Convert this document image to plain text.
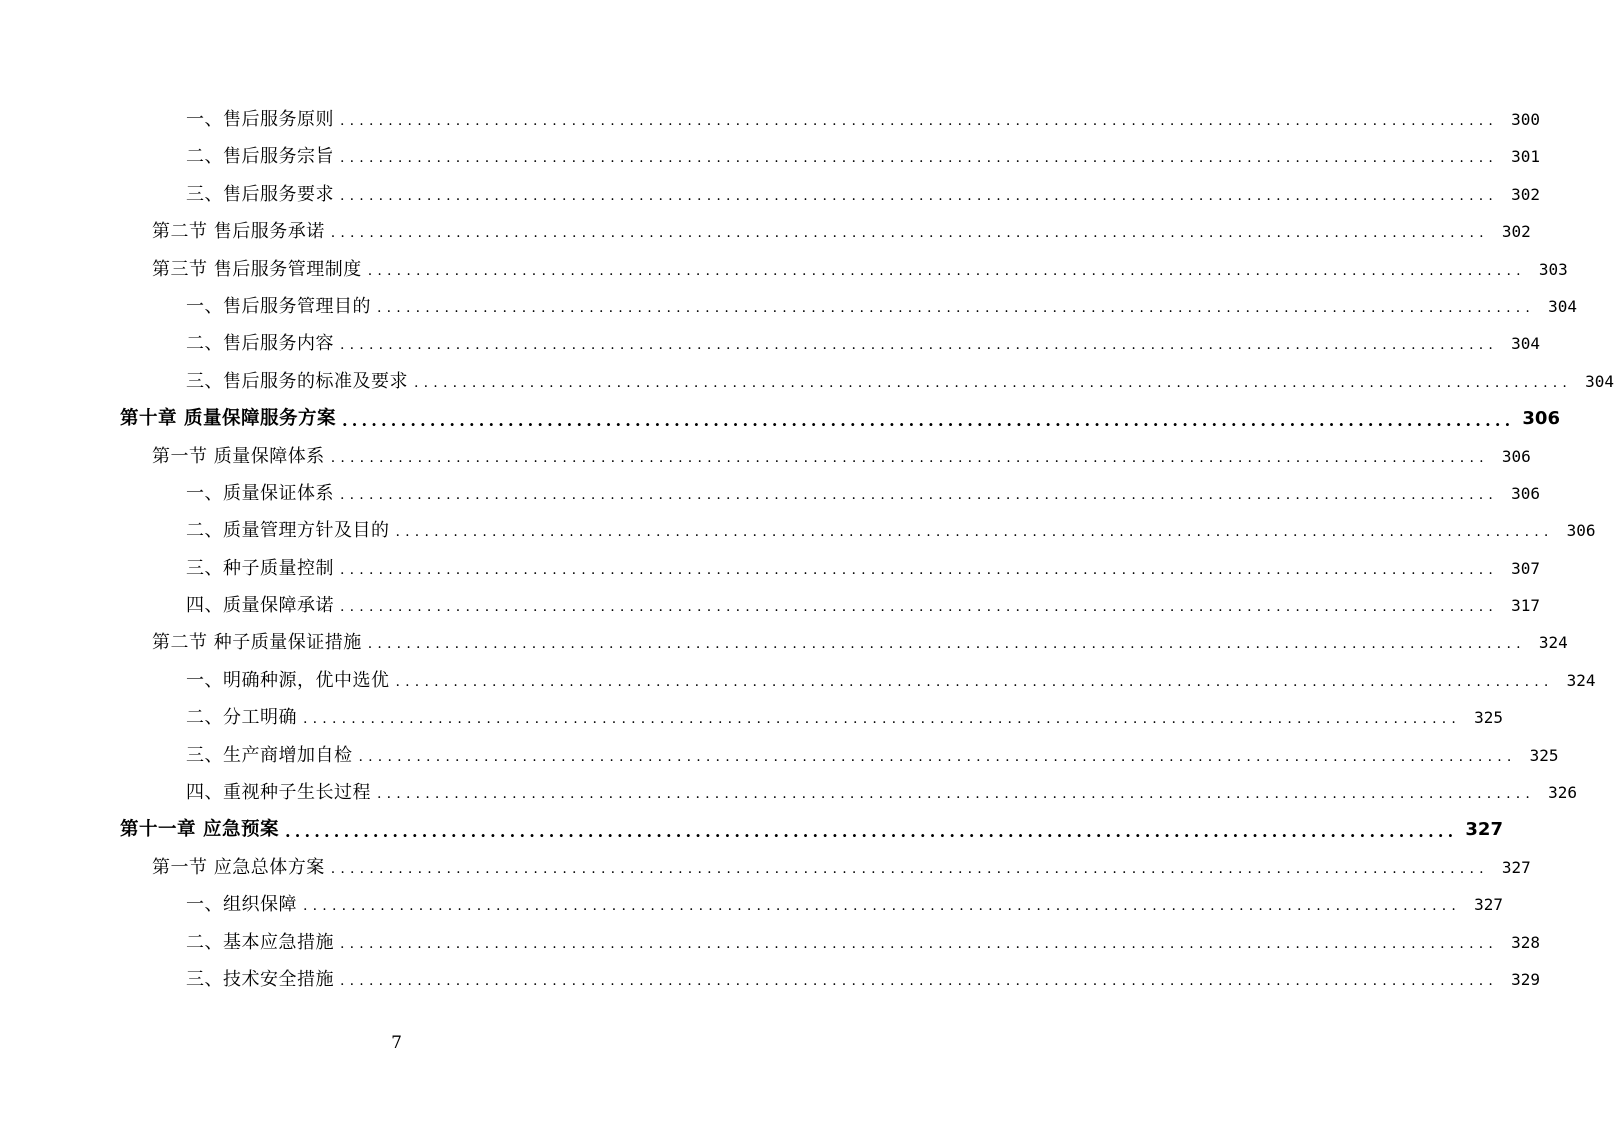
一、售后服务原则 ........................................................................................................................ 300
二、售后服务宗旨 ........................................................................................................................ 301
三、售后服务要求 ........................................................................................................................ 302
第二节 售后服务承诺 ........................................................................................................................ 302
第三节 售后服务管理制度 ........................................................................................................................ 303
一、售后服务管理目的 ........................................................................................................................ 304
二、售后服务内容 ........................................................................................................................ 304
三、售后服务的标准及要求 ........................................................................................................................ 304
第十章 质量保障服务方案 ........................................................................................................................ 306
第一节 质量保障体系 ........................................................................................................................ 306
一、质量保证体系 ........................................................................................................................ 306
二、质量管理方针及目的 ........................................................................................................................ 306
三、种子质量控制 ........................................................................................................................ 307
四、质量保障承诺 ........................................................................................................................ 317
第二节 种子质量保证措施 ........................................................................................................................ 324
一、明确种源，优中选优 ........................................................................................................................ 324
二、分工明确 ........................................................................................................................ 325
三、生产商增加自检 ........................................................................................................................ 325
四、重视种子生长过程 ........................................................................................................................ 326
第十一章 应急预案 ........................................................................................................................ 327
第一节 应急总体方案 ........................................................................................................................ 327
一、组织保障 ........................................................................................................................ 327
二、基本应急措施 ........................................................................................................................ 328
三、技术安全措施 ........................................................................................................................ 329
7
